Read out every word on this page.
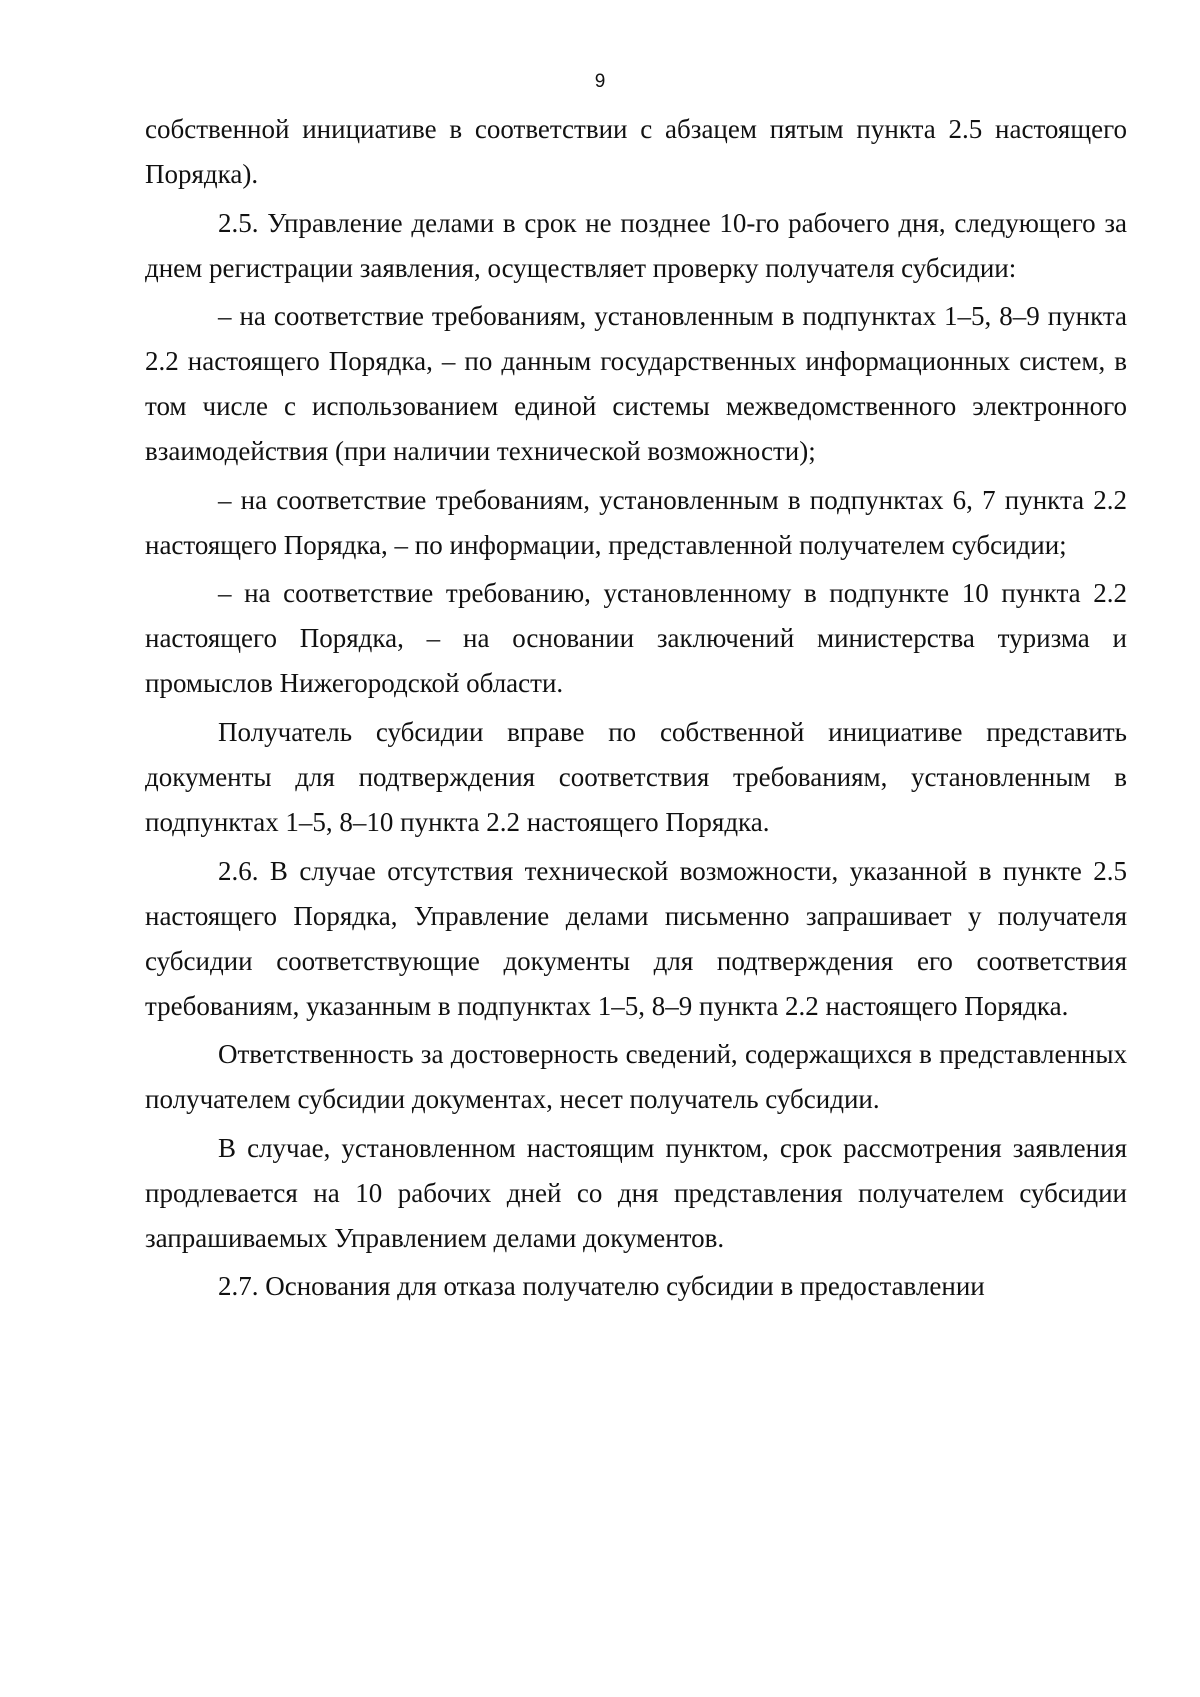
9

собственной инициативе в соответствии с абзацем пятым пункта 2.5 настоящего Порядка).

2.5. Управление делами в срок не позднее 10-го рабочего дня, следующего за днем регистрации заявления, осуществляет проверку получателя субсидии:

– на соответствие требованиям, установленным в подпунктах 1–5, 8–9 пункта 2.2 настоящего Порядка, – по данным государственных информационных систем, в том числе с использованием единой системы межведомственного электронного взаимодействия (при наличии технической возможности);

– на соответствие требованиям, установленным в подпунктах 6, 7 пункта 2.2 настоящего Порядка, – по информации, представленной получателем субсидии;

– на соответствие требованию, установленному в подпункте 10 пункта 2.2 настоящего Порядка, – на основании заключений министерства туризма и промыслов Нижегородской области.

Получатель субсидии вправе по собственной инициативе представить документы для подтверждения соответствия требованиям, установленным в подпунктах 1–5, 8–10 пункта 2.2 настоящего Порядка.

2.6. В случае отсутствия технической возможности, указанной в пункте 2.5 настоящего Порядка, Управление делами письменно запрашивает у получателя субсидии соответствующие документы для подтверждения его соответствия требованиям, указанным в подпунктах 1–5, 8–9 пункта 2.2 настоящего Порядка.

Ответственность за достоверность сведений, содержащихся в представленных получателем субсидии документах, несет получатель субсидии.

В случае, установленном настоящим пунктом, срок рассмотрения заявления продлевается на 10 рабочих дней со дня представления получателем субсидии запрашиваемых Управлением делами документов.

2.7. Основания для отказа получателю субсидии в предоставлении
